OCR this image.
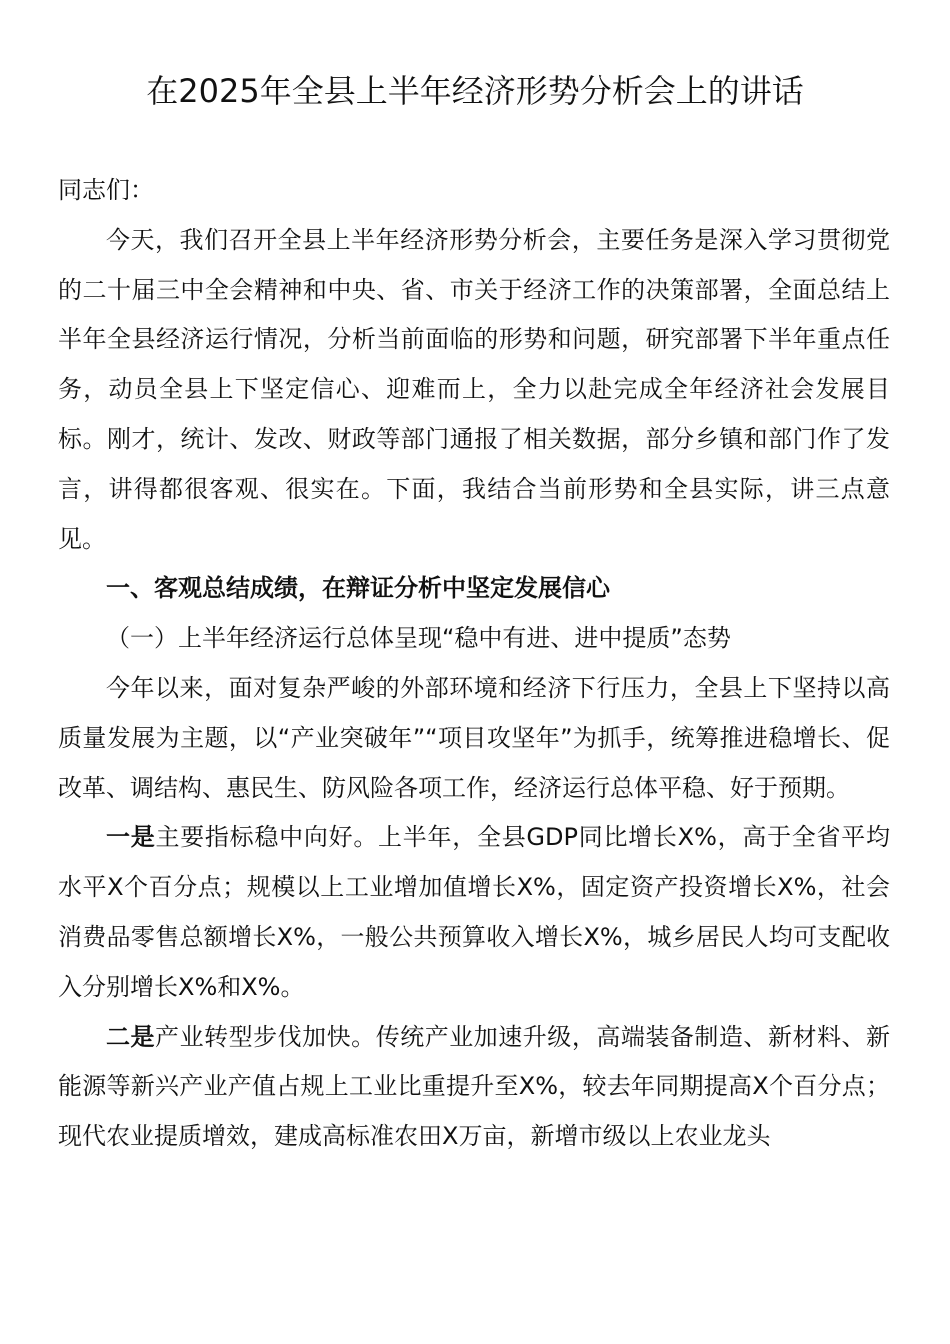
在2025年全县上半年经济形势分析会上的讲话

同志们：

今天，我们召开全县上半年经济形势分析会，主要任务是深入学习贯彻党的二十届三中全会精神和中央、省、市关于经济工作的决策部署，全面总结上半年全县经济运行情况，分析当前面临的形势和问题，研究部署下半年重点任务，动员全县上下坚定信心、迎难而上，全力以赴完成全年经济社会发展目标。刚才，统计、发改、财政等部门通报了相关数据，部分乡镇和部门作了发言，讲得都很客观、很实在。下面，我结合当前形势和全县实际，讲三点意见。

一、客观总结成绩，在辩证分析中坚定发展信心

（一）上半年经济运行总体呈现“稳中有进、进中提质”态势

今年以来，面对复杂严峻的外部环境和经济下行压力，全县上下坚持以高质量发展为主题，以“产业突破年”“项目攻坚年”为抓手，统筹推进稳增长、促改革、调结构、惠民生、防风险各项工作，经济运行总体平稳、好于预期。

一是主要指标稳中向好。上半年，全县GDP同比增长X%，高于全省平均水平X个百分点；规模以上工业增加值增长X%，固定资产投资增长X%，社会消费品零售总额增长X%，一般公共预算收入增长X%，城乡居民人均可支配收入分别增长X%和X%。

二是产业转型步伐加快。传统产业加速升级，高端装备制造、新材料、新能源等新兴产业产值占规上工业比重提升至X%，较去年同期提高X个百分点；现代农业提质增效，建成高标准农田X万亩，新增市级以上农业龙头
